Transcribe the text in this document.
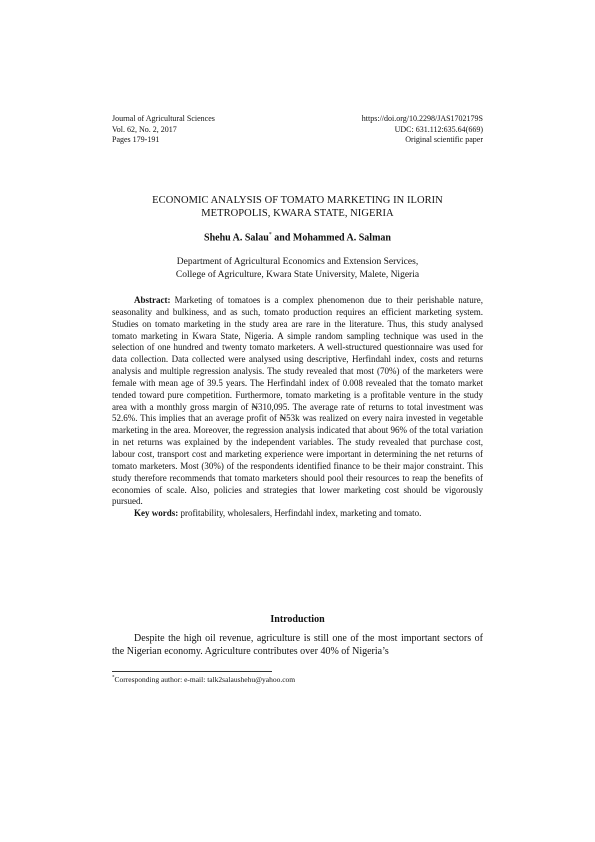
Journal of Agricultural Sciences
Vol. 62, No. 2, 2017
Pages 179-191
https://doi.org/10.2298/JAS1702179S
UDC: 631.112:635.64(669)
Original scientific paper
ECONOMIC ANALYSIS OF TOMATO MARKETING IN ILORIN
METROPOLIS, KWARA STATE, NIGERIA
Shehu A. Salau* and Mohammed A. Salman
Department of Agricultural Economics and Extension Services,
College of Agriculture, Kwara State University, Malete, Nigeria

Abstract: Marketing of tomatoes is a complex phenomenon due to their perishable nature, seasonality and bulkiness, and as such, tomato production requires an efficient marketing system. Studies on tomato marketing in the study area are rare in the literature. Thus, this study analysed tomato marketing in Kwara State, Nigeria. A simple random sampling technique was used in the selection of one hundred and twenty tomato marketers. A well-structured questionnaire was used for data collection. Data collected were analysed using descriptive, Herfindahl index, costs and returns analysis and multiple regression analysis. The study revealed that most (70%) of the marketers were female with mean age of 39.5 years. The Herfindahl index of 0.008 revealed that the tomato market tended toward pure competition. Furthermore, tomato marketing is a profitable venture in the study area with a monthly gross margin of ₦310,095. The average rate of returns to total investment was 52.6%. This implies that an average profit of ₦53k was realized on every naira invested in vegetable marketing in the area. Moreover, the regression analysis indicated that about 96% of the total variation in net returns was explained by the independent variables. The study revealed that purchase cost, labour cost, transport cost and marketing experience were important in determining the net returns of tomato marketers. Most (30%) of the respondents identified finance to be their major constraint. This study therefore recommends that tomato marketers should pool their resources to reap the benefits of economies of scale. Also, policies and strategies that lower marketing cost should be vigorously pursued.

Key words: profitability, wholesalers, Herfindahl index, marketing and tomato.

Introduction

Despite the high oil revenue, agriculture is still one of the most important sectors of the Nigerian economy. Agriculture contributes over 40% of Nigeria’s

*Corresponding author: e-mail: talk2salaushehu@yahoo.com
